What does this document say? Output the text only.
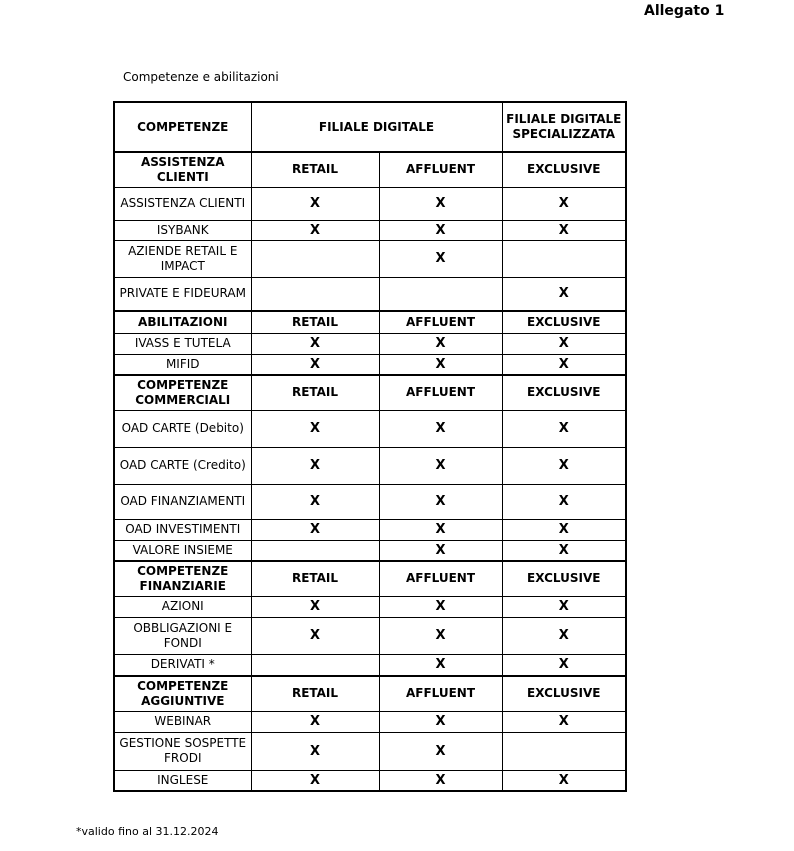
Allegato 1
Competenze e abilitazioni
COMPETENZE	FILIALE DIGITALE		FILIALE DIGITALE SPECIALIZZATA
ASSISTENZA CLIENTI	RETAIL	AFFLUENT	EXCLUSIVE
ASSISTENZA CLIENTI	X	X	X
ISYBANK	X	X	X
AZIENDE RETAIL E IMPACT		X	
PRIVATE E FIDEURAM			X
ABILITAZIONI	RETAIL	AFFLUENT	EXCLUSIVE
IVASS E TUTELA	X	X	X
MIFID	X	X	X
COMPETENZE COMMERCIALI	RETAIL	AFFLUENT	EXCLUSIVE
OAD CARTE (Debito)	X	X	X
OAD CARTE (Credito)	X	X	X
OAD FINANZIAMENTI	X	X	X
OAD INVESTIMENTI	X	X	X
VALORE INSIEME		X	X
COMPETENZE FINANZIARIE	RETAIL	AFFLUENT	EXCLUSIVE
AZIONI	X	X	X
OBBLIGAZIONI E FONDI	X	X	X
DERIVATI *		X	X
COMPETENZE AGGIUNTIVE	RETAIL	AFFLUENT	EXCLUSIVE
WEBINAR	X	X	X
GESTIONE SOSPETTE FRODI	X	X	
INGLESE	X	X	X
*valido fino al 31.12.2024
